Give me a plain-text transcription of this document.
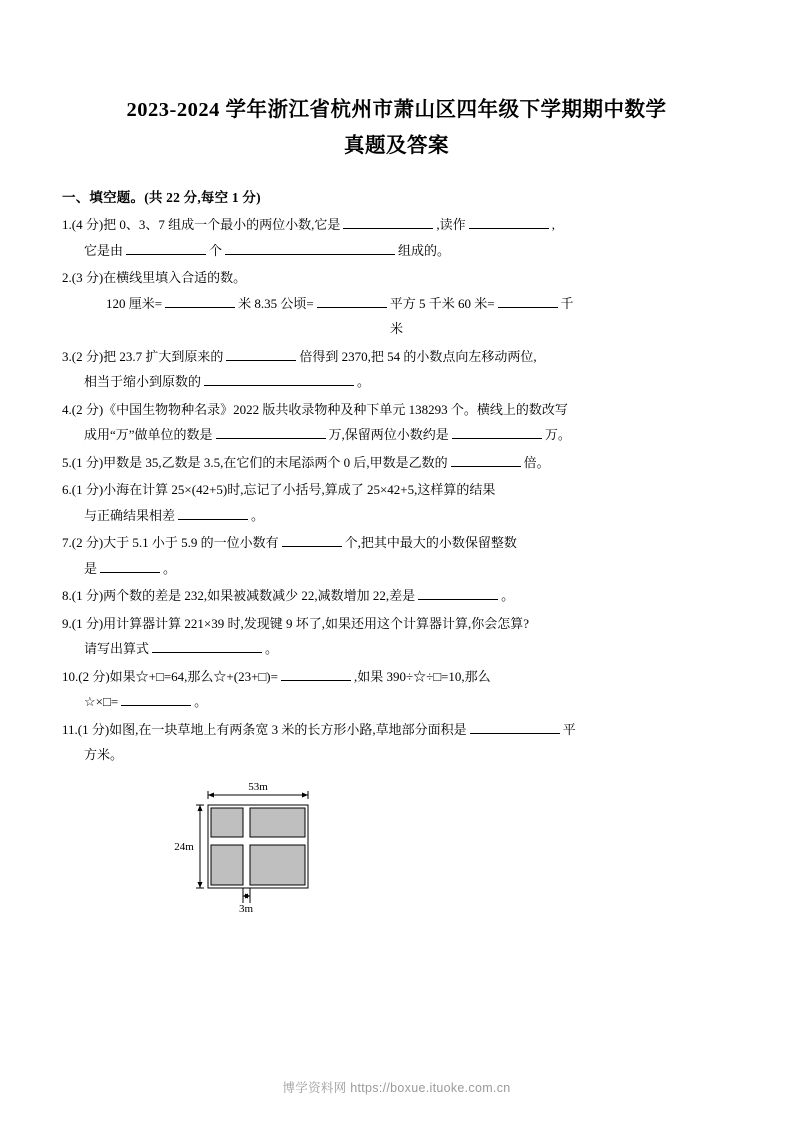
2023-2024 学年浙江省杭州市萧山区四年级下学期期中数学
真题及答案
一、填空题。(共 22 分,每空 1 分)
1.(4 分)把 0、3、7 组成一个最小的两位小数,它是	,读作	,
它是由	个	组成的。
2.(3 分)在横线里填入合适的数。
120 厘米=	米 8.35 公顷=	平方 5 千米 60 米=	千
米
3.(2 分)把 23.7 扩大到原来的	倍得到 2370,把 54 的小数点向左移动两位,
相当于缩小到原数的	。
4.(2 分)《中国生物物种名录》2022 版共收录物种及种下单元 138293 个。横线上的数改写
成用“万”做单位的数是	万,保留两位小数约是	万。
5.(1 分)甲数是 35,乙数是 3.5,在它们的末尾添两个 0 后,甲数是乙数的	倍。
6.(1 分)小海在计算 25×(42+5)时,忘记了小括号,算成了 25×42+5,这样算的结果
与正确结果相差	。
7.(2 分)大于 5.1 小于 5.9 的一位小数有	个,把其中最大的小数保留整数
是	。
8.(1 分)两个数的差是 232,如果被减数减少 22,减数增加 22,差是	。
9.(1 分)用计算器计算 221×39 时,发现键 9 坏了,如果还用这个计算器计算,你会怎算?
请写出算式	。
10.(2 分)如果☆+□=64,那么☆+(23+□)=	,如果 390÷☆÷□=10,那么
☆×□=	。
11.(1 分)如图,在一块草地上有两条宽 3 米的长方形小路,草地部分面积是	平
方米。
53m
24m
3m
博学资料网 https://boxue.ituoke.com.cn
